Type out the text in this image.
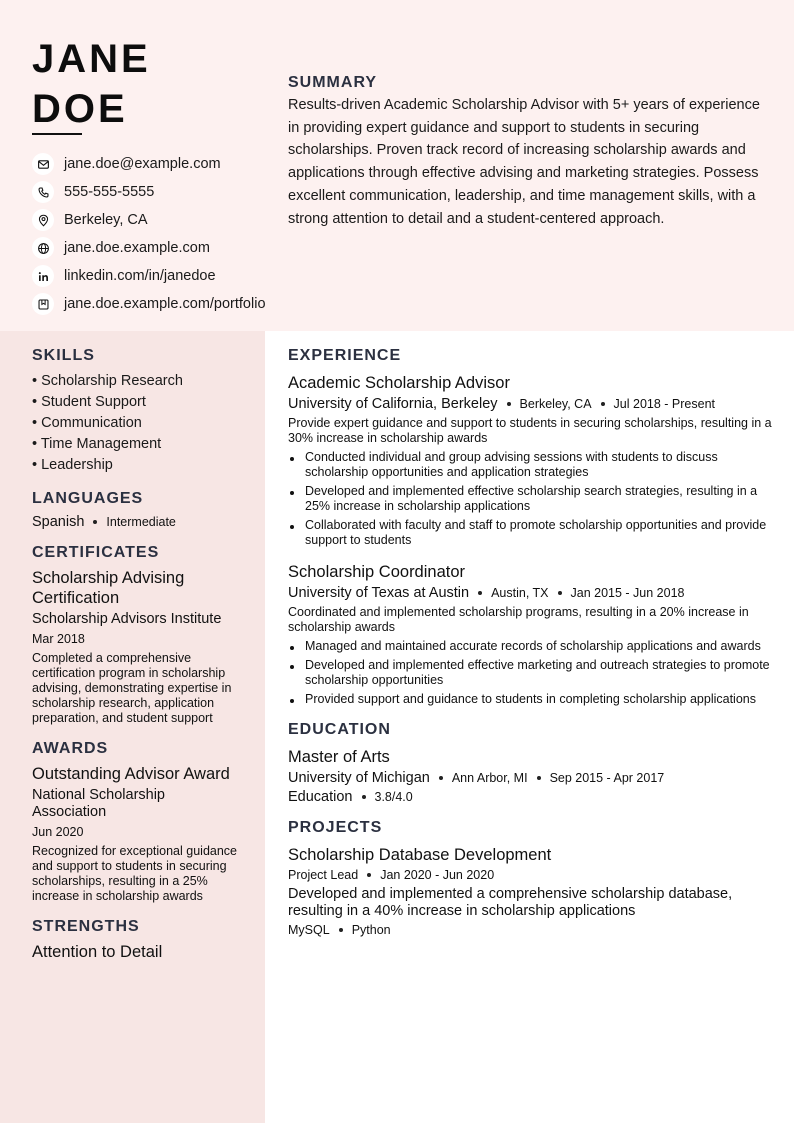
JANE
DOE
jane.doe@example.com
555-555-5555
Berkeley, CA
jane.doe.example.com
linkedin.com/in/janedoe
jane.doe.example.com/portfolio
SUMMARY

Results-driven Academic Scholarship Advisor with 5+ years of experience in providing expert guidance and support to students in securing scholarships. Proven track record of increasing scholarship awards and applications through effective advising and marketing strategies. Possess excellent communication, leadership, and time management skills, with a strong attention to detail and a student-centered approach.

SKILLS
• Scholarship Research
• Student Support
• Communication
• Time Management
• Leadership
LANGUAGES
Spanish Intermediate
CERTIFICATES
Scholarship Advising Certification
Scholarship Advisors Institute
Mar 2018
Completed a comprehensive certification program in scholarship advising, demonstrating expertise in scholarship research, application preparation, and student support
AWARDS
Outstanding Advisor Award
National Scholarship Association
Jun 2020
Recognized for exceptional guidance and support to students in securing scholarships, resulting in a 25% increase in scholarship awards
STRENGTHS
Attention to Detail
EXPERIENCE
Academic Scholarship Advisor
University of California, Berkeley Berkeley, CA Jul 2018 - Present
Provide expert guidance and support to students in securing scholarships, resulting in a 30% increase in scholarship awards
Conducted individual and group advising sessions with students to discuss scholarship opportunities and application strategies
Developed and implemented effective scholarship search strategies, resulting in a 25% increase in scholarship applications
Collaborated with faculty and staff to promote scholarship opportunities and provide support to students
Scholarship Coordinator
University of Texas at Austin Austin, TX Jan 2015 - Jun 2018
Coordinated and implemented scholarship programs, resulting in a 20% increase in scholarship awards
Managed and maintained accurate records of scholarship applications and awards
Developed and implemented effective marketing and outreach strategies to promote scholarship opportunities
Provided support and guidance to students in completing scholarship applications
EDUCATION
Master of Arts
University of Michigan Ann Arbor, MI Sep 2015 - Apr 2017
Education 3.8/4.0
PROJECTS
Scholarship Database Development
Project Lead Jan 2020 - Jun 2020
Developed and implemented a comprehensive scholarship database, resulting in a 40% increase in scholarship applications
MySQL Python
